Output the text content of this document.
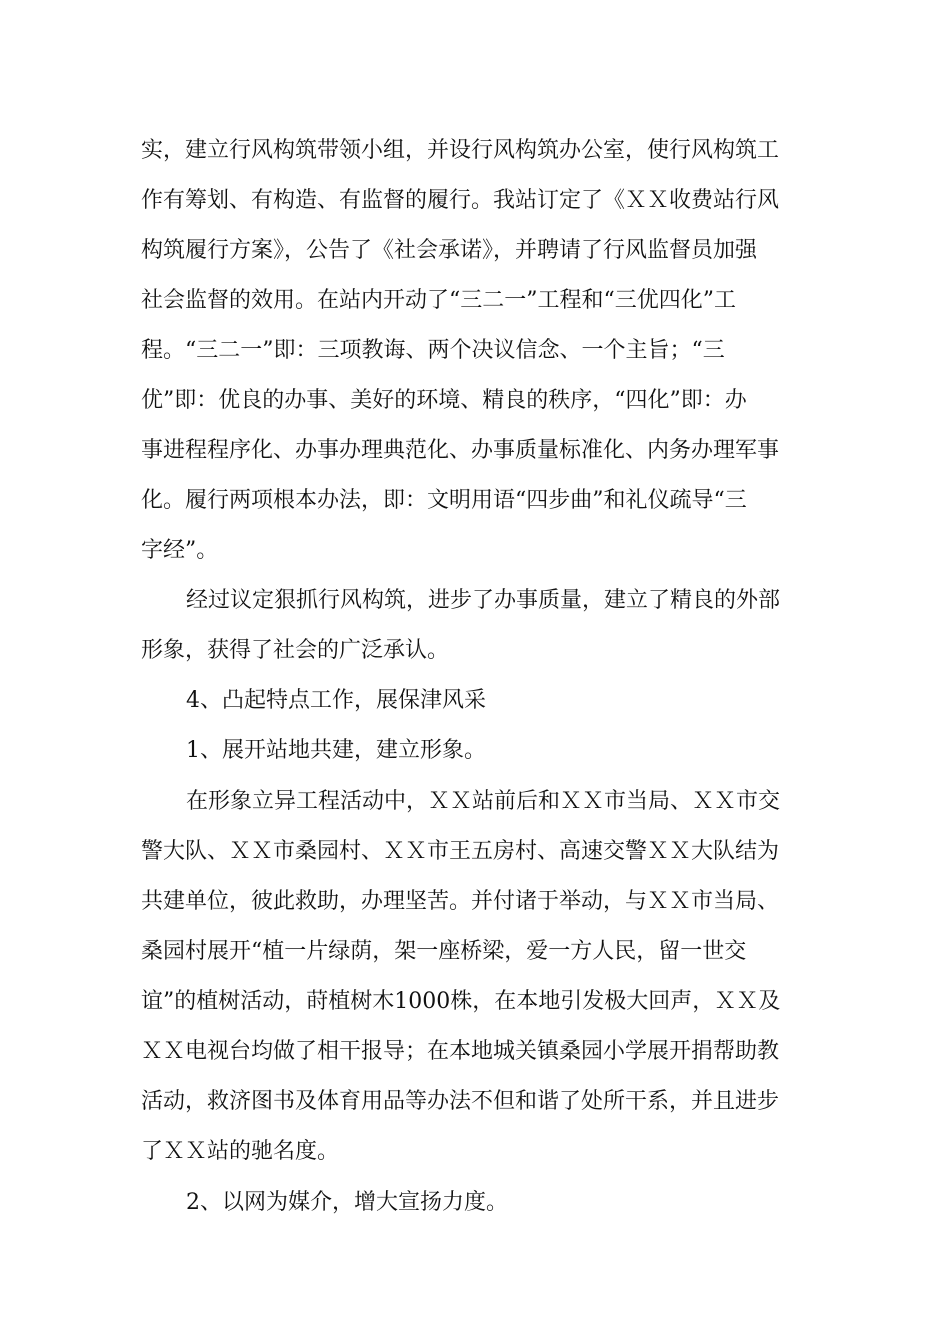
实，建立行风构筑带领小组，并设行风构筑办公室，使行风构筑工
作有筹划、有构造、有监督的履行。我站订定了《ＸＸ收费站行风
构筑履行方案》，公告了《社会承诺》，并聘请了行风监督员加强
社会监督的效用。在站内开动了“三二一”工程和“三优四化”工
程。“三二一”即：三项教诲、两个决议信念、一个主旨；“三
优”即：优良的办事、美好的环境、精良的秩序，“四化”即：办
事进程程序化、办事办理典范化、办事质量标准化、内务办理军事
化。履行两项根本办法，即：文明用语“四步曲”和礼仪疏导“三
字经”。
经过议定狠抓行风构筑，进步了办事质量，建立了精良的外部
形象，获得了社会的广泛承认。
4、凸起特点工作，展保津风采
1、展开站地共建，建立形象。
在形象立异工程活动中，ＸＸ站前后和ＸＸ市当局、ＸＸ市交
警大队、ＸＸ市桑园村、ＸＸ市王五房村、高速交警ＸＸ大队结为
共建单位，彼此救助，办理坚苦。并付诸于举动，与ＸＸ市当局、
桑园村展开“植一片绿荫，架一座桥梁，爱一方人民，留一世交
谊”的植树活动，莳植树木1000株，在本地引发极大回声，ＸＸ及
ＸＸ电视台均做了相干报导；在本地城关镇桑园小学展开捐帮助教
活动，救济图书及体育用品等办法不但和谐了处所干系，并且进步
了ＸＸ站的驰名度。
2、以网为媒介，增大宣扬力度。
